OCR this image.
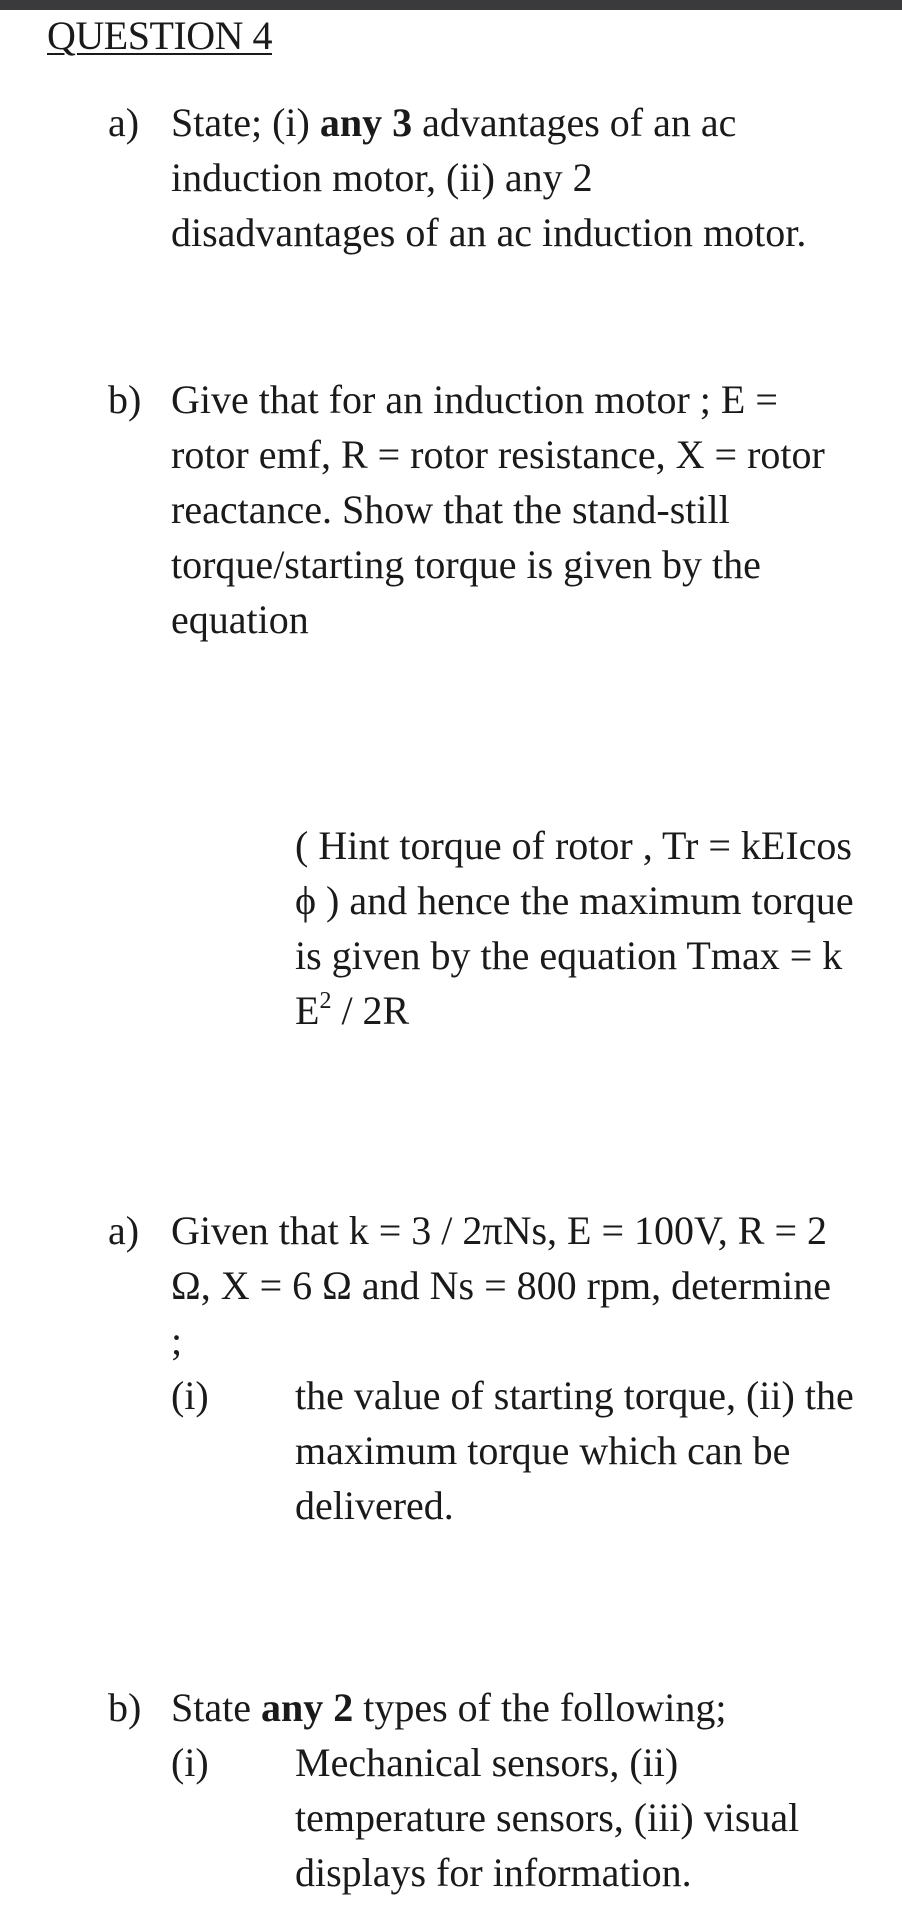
QUESTION 4
a) State; (i) any 3 advantages of an ac induction motor, (ii) any 2 disadvantages of an ac induction motor.
b) Give that for an induction motor ; E = rotor emf, R = rotor resistance, X = rotor reactance. Show that the stand-still torque/starting torque is given by the equation
( Hint torque of rotor , Tr = kEIcos ϕ ) and hence the maximum torque is given by the equation Tmax = k $E^2 / 2R$
a) Given that k = 3 / 2πNs, E = 100V, R = 2 Ω, X = 6 Ω and Ns = 800 rpm, determine ;
(i) the value of starting torque, (ii) the maximum torque which can be delivered.
b) State any 2 types of the following;
(i) Mechanical sensors, (ii) temperature sensors, (iii) visual displays for information.
